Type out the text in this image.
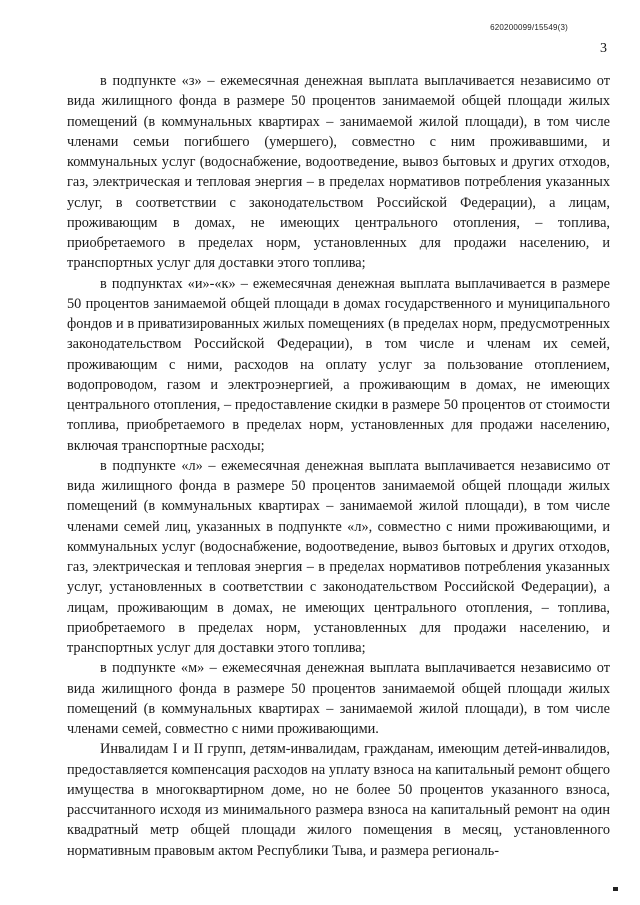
620200099/15549(3)
3

в подпункте «з» – ежемесячная денежная выплата выплачивается независимо от вида жилищного фонда в размере 50 процентов занимаемой общей площади жилых помещений (в коммунальных квартирах – занимаемой жилой площади), в том числе членами семьи погибшего (умершего), совместно с ним проживавшими, и коммунальных услуг (водоснабжение, водоотведение, вывоз бытовых и других отходов, газ, электрическая и тепловая энергия – в пределах нормативов потребления указанных услуг, в соответствии с законодательством Российской Федерации), а лицам, проживающим в домах, не имеющих центрального отопления, – топлива, приобретаемого в пределах норм, установленных для продажи населению, и транспортных услуг для доставки этого топлива;

в подпунктах «и»-«к» – ежемесячная денежная выплата выплачивается в размере 50 процентов занимаемой общей площади в домах государственного и муниципального фондов и в приватизированных жилых помещениях (в пределах норм, предусмотренных законодательством Российской Федерации), в том числе и членам их семей, проживающим с ними, расходов на оплату услуг за пользование отоплением, водопроводом, газом и электроэнергией, а проживающим в домах, не имеющих центрального отопления, – предоставление скидки в размере 50 процентов от стоимости топлива, приобретаемого в пределах норм, установленных для продажи населению, включая транспортные расходы;

в подпункте «л» – ежемесячная денежная выплата выплачивается независимо от вида жилищного фонда в размере 50 процентов занимаемой общей площади жилых помещений (в коммунальных квартирах – занимаемой жилой площади), в том числе членами семей лиц, указанных в подпункте «л», совместно с ними проживающими, и коммунальных услуг (водоснабжение, водоотведение, вывоз бытовых и других отходов, газ, электрическая и тепловая энергия – в пределах нормативов потребления указанных услуг, установленных в соответствии с законодательством Российской Федерации), а лицам, проживающим в домах, не имеющих центрального отопления, – топлива, приобретаемого в пределах норм, установленных для продажи населению, и транспортных услуг для доставки этого топлива;

в подпункте «м» – ежемесячная денежная выплата выплачивается независимо от вида жилищного фонда в размере 50 процентов занимаемой общей площади жилых помещений (в коммунальных квартирах – занимаемой жилой площади), в том числе членами семей, совместно с ними проживающими.

Инвалидам I и II групп, детям-инвалидам, гражданам, имеющим детей-инвалидов, предоставляется компенсация расходов на уплату взноса на капитальный ремонт общего имущества в многоквартирном доме, но не более 50 процентов указанного взноса, рассчитанного исходя из минимального размера взноса на капитальный ремонт на один квадратный метр общей площади жилого помещения в месяц, установленного нормативным правовым актом Республики Тыва, и размера региональ-
